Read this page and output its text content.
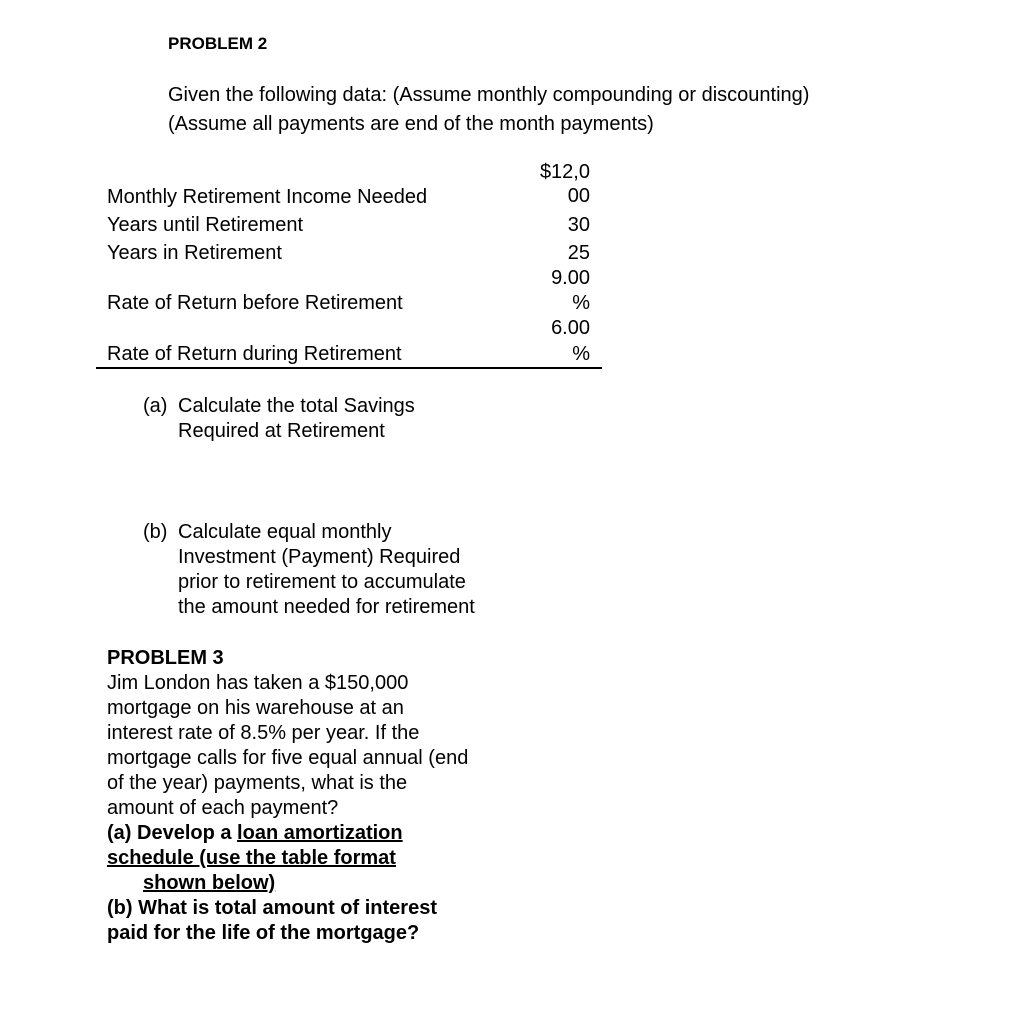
PROBLEM 2
Given the following data: (Assume monthly compounding or discounting)
(Assume all payments are end of the month payments)
$12,0
00
Monthly Retirement Income Needed
Years until Retirement	30
Years in Retirement	25
9.00
%
Rate of Return before Retirement
6.00
%
Rate of Return during Retirement
(a) Calculate the total Savings
Required at Retirement
(b) Calculate equal monthly
Investment (Payment) Required
prior to retirement to accumulate
the amount needed for retirement
PROBLEM 3
Jim London has taken a $150,000
mortgage on his warehouse at an
interest rate of 8.5% per year. If the
mortgage calls for five equal annual (end
of the year) payments, what is the
amount of each payment?
(a) Develop a loan amortization
schedule (use the table format
shown below)
(b) What is total amount of interest
paid for the life of the mortgage?
